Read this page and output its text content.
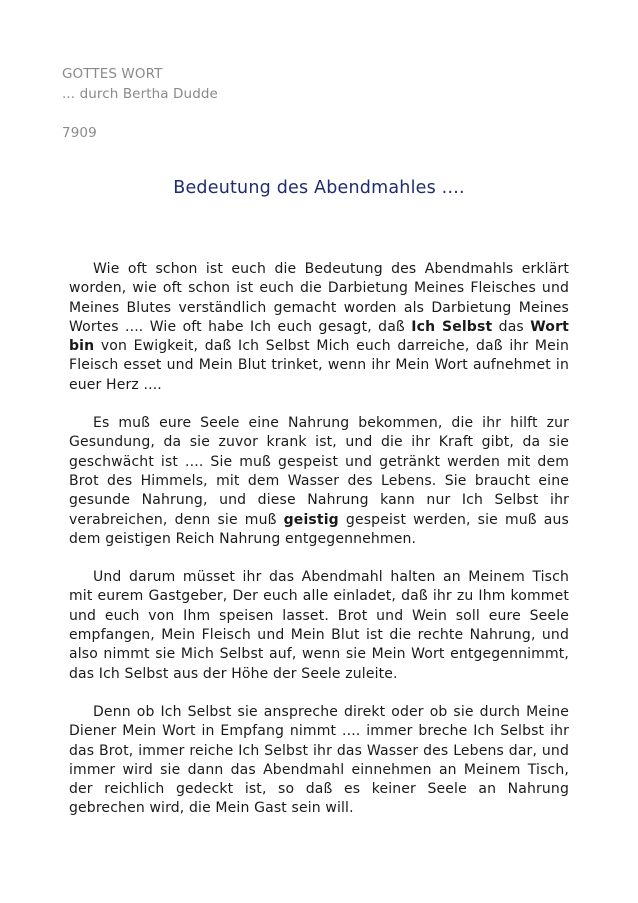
GOTTES WORT
... durch Bertha Dudde
7909
Bedeutung des Abendmahles ....

Wie oft schon ist euch die Bedeutung des Abendmahls erklärt worden, wie oft schon ist euch die Darbietung Meines Fleisches und Meines Blutes verständlich gemacht worden als Darbietung Meines Wortes .... Wie oft habe Ich euch gesagt, daß Ich Selbst das Wort bin von Ewigkeit, daß Ich Selbst Mich euch darreiche, daß ihr Mein Fleisch esset und Mein Blut trinket, wenn ihr Mein Wort aufnehmet in euer Herz ....

Es muß eure Seele eine Nahrung bekommen, die ihr hilft zur Gesundung, da sie zuvor krank ist, und die ihr Kraft gibt, da sie geschwächt ist .... Sie muß gespeist und getränkt werden mit dem Brot des Himmels, mit dem Wasser des Lebens. Sie braucht eine gesunde Nahrung, und diese Nahrung kann nur Ich Selbst ihr verabreichen, denn sie muß geistig gespeist werden, sie muß aus dem geistigen Reich Nahrung entgegennehmen.

Und darum müsset ihr das Abendmahl halten an Meinem Tisch mit eurem Gastgeber, Der euch alle einladet, daß ihr zu Ihm kommet und euch von Ihm speisen lasset. Brot und Wein soll eure Seele empfangen, Mein Fleisch und Mein Blut ist die rechte Nahrung, und also nimmt sie Mich Selbst auf, wenn sie Mein Wort entgegennimmt, das Ich Selbst aus der Höhe der Seele zuleite.

Denn ob Ich Selbst sie anspreche direkt oder ob sie durch Meine Diener Mein Wort in Empfang nimmt .... immer breche Ich Selbst ihr das Brot, immer reiche Ich Selbst ihr das Wasser des Lebens dar, und immer wird sie dann das Abendmahl einnehmen an Meinem Tisch, der reichlich gedeckt ist, so daß es keiner Seele an Nahrung gebrechen wird, die Mein Gast sein will.
